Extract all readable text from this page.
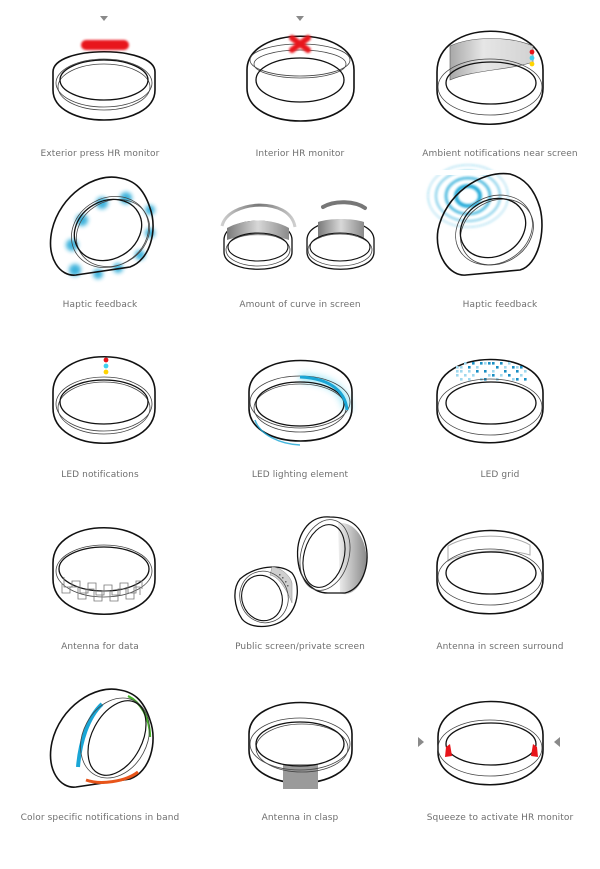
Exterior press HR monitor	Interior HR monitor	Ambient notifications near screen
Haptic feedback	Amount of curve in screen	Haptic feedback
LED notifications	LED lighting element	LED grid
Antenna for data	Public screen/private screen	Antenna in screen surround
Color specific notifications in band	Antenna in clasp	Squeeze to activate HR monitor
